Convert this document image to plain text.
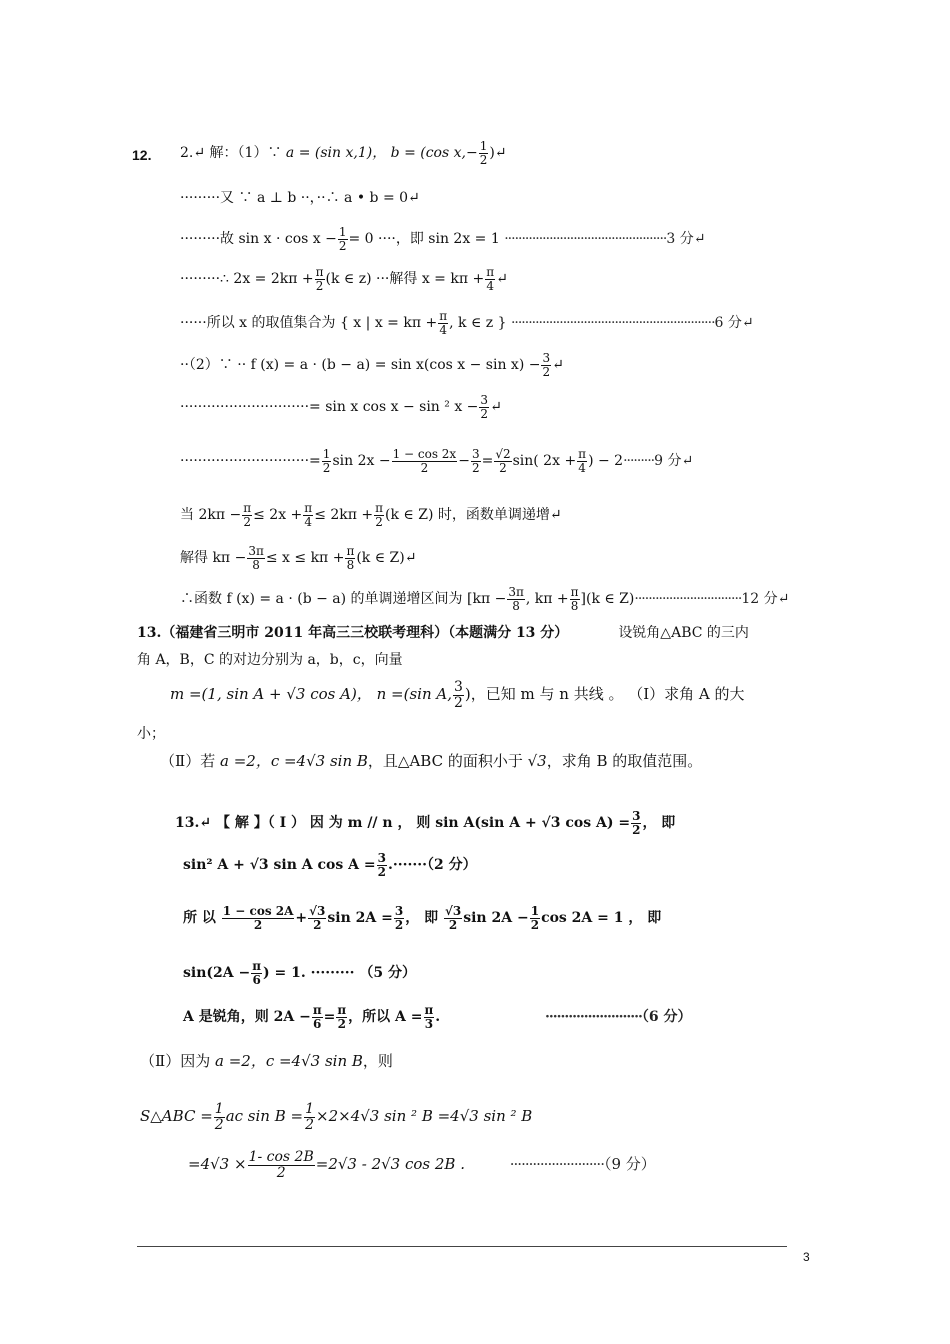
12. 2.↵ 解：（1）∵ a = (sin x,1)， b = (cos $x,- \frac{1}{2}$ )↵
·········又 ∵ a ⊥ b ··，··∴ a • b = 0↵
·········故 $\sin x \cdot \cos x - \frac{1}{2} = 0$ ····，即 sin 2x = 1 ···············································3 分↵
·········∴ $2x = 2k\pi + \frac{\pi}{2} (k$ ∈ z) ···解得 $x = k\pi + \frac{\pi}{4}$ ↵
······所以 x 的取值集合为 { x | $x = k\pi + \frac{\pi}{4}$ , k ∈ z } ···························································6 分↵
··（2）∵ ·· f (x) = a · (b − a) = sin x(cos $x - \sin x) - \frac{3}{2}$ ↵
·····························= sin x cos x − sin ² $x - \frac{3}{2}$ ↵
·····························= $\frac{1}{2}$ $\sin 2x - \frac{1 - \cos 2x}{2} - \frac{3}{2} = \frac{√2}{2} \sin$( $2x + \frac{\pi}{4}$ ) − 2·········9 分↵
当 $2k\pi - \frac{\pi}{2} \le 2x + \frac{\pi}{4} \le 2k\pi + \frac{\pi}{2} (k$ ∈ Z) 时，函数单调递增↵
解得 $k\pi - \frac{3\pi}{8} \le x \le k\pi + \frac{\pi}{8} (k$ ∈ Z)↵
∴函数 f (x) = a · (b − a) 的单调递增区间为 [$k\pi - \frac{3\pi}{8}$ , $k\pi + \frac{\pi}{8} ](k$ ∈ Z)·······························12 分↵
13.（福建省三明市 2011 年高三三校联考理科）（本题满分 13 分）	设锐角△ABC 的三内
角 A，B，C 的对边分别为 a，b，c，向量
m =(1, sin A + √3 cos A)， n =(sin A, $\frac{3}{2}$ )，已知 m 与 n 共线 。 （Ⅰ）求角 A 的大
小；
（Ⅱ）若 a =2，c =4√3 sin B，且△ABC 的面积小于 √3，求角 B 的取值范围。
13.↵ 【 解 】（ Ⅰ ） 因 为 m // n ， 则 sin A(sin A + √3 $\cos A) = \frac{3}{2}$ ， 即
sin² A + √3 sin A $\cos A = \frac{3}{2} .\cdot\cdot\cdot\cdot\cdot\cdot\cdot(2$ 分）
所 以 $\frac{1 - \cos 2A}{2} + \frac{√3}{2}$ $\sin 2A = \frac{3}{2}$ ， 即 $\frac{√3}{2}$ $\sin 2A - \frac{1}{2}$ cos 2A = 1 ， 即
$\sin(2A - \frac{\pi}{6}$ ) = 1. ········· （5 分）
A 是锐角，则 $2A - \frac{\pi}{6} = \frac{\pi}{2}$ ，所以 $A = \frac{\pi}{3}$ .	·························（6 分）
（Ⅱ）因为 a =2，c =4√3 sin B，则
S△ABC = $\frac{1}{2}$ ac $\sin B = \frac{1}{2} \times 2\times 4√3$ sin ² B =4√3 sin ² B
$=4√3 \times \frac{1- \cos 2B}{2} =2√3 - 2√3$ cos 2B .	·························（9 分）
3
